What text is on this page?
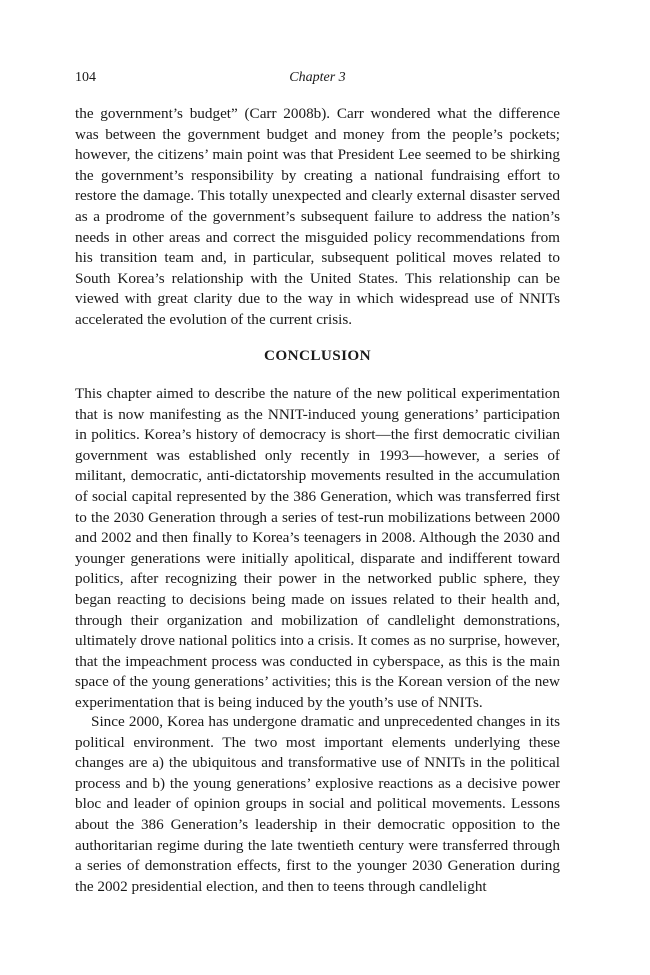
104	Chapter 3

the government’s budget” (Carr 2008b). Carr wondered what the difference was between the government budget and money from the people’s pockets; however, the citizens’ main point was that President Lee seemed to be shirking the government’s responsibility by creating a national fundraising effort to restore the damage. This totally unexpected and clearly external disaster served as a prodrome of the government’s subsequent failure to address the nation’s needs in other areas and correct the misguided policy recommendations from his transition team and, in particular, subsequent political moves related to South Korea’s relationship with the United States. This relationship can be viewed with great clarity due to the way in which widespread use of NNITs accelerated the evolution of the current crisis.

CONCLUSION

This chapter aimed to describe the nature of the new political experimentation that is now manifesting as the NNIT-induced young generations’ participation in politics. Korea’s history of democracy is short—the first democratic civilian government was established only recently in 1993—however, a series of militant, democratic, anti-dictatorship movements resulted in the accumulation of social capital represented by the 386 Generation, which was transferred first to the 2030 Generation through a series of test-run mobilizations between 2000 and 2002 and then finally to Korea’s teenagers in 2008. Although the 2030 and younger generations were initially apolitical, disparate and indifferent toward politics, after recognizing their power in the networked public sphere, they began reacting to decisions being made on issues related to their health and, through their organization and mobilization of candlelight demonstrations, ultimately drove national politics into a crisis. It comes as no surprise, however, that the impeachment process was conducted in cyberspace, as this is the main space of the young generations’ activities; this is the Korean version of the new experimentation that is being induced by the youth’s use of NNITs.

Since 2000, Korea has undergone dramatic and unprecedented changes in its political environment. The two most important elements underlying these changes are a) the ubiquitous and transformative use of NNITs in the political process and b) the young generations’ explosive reactions as a decisive power bloc and leader of opinion groups in social and political movements. Lessons about the 386 Generation’s leadership in their democratic opposition to the authoritarian regime during the late twentieth century were transferred through a series of demonstration effects, first to the younger 2030 Generation during the 2002 presidential election, and then to teens through candlelight
